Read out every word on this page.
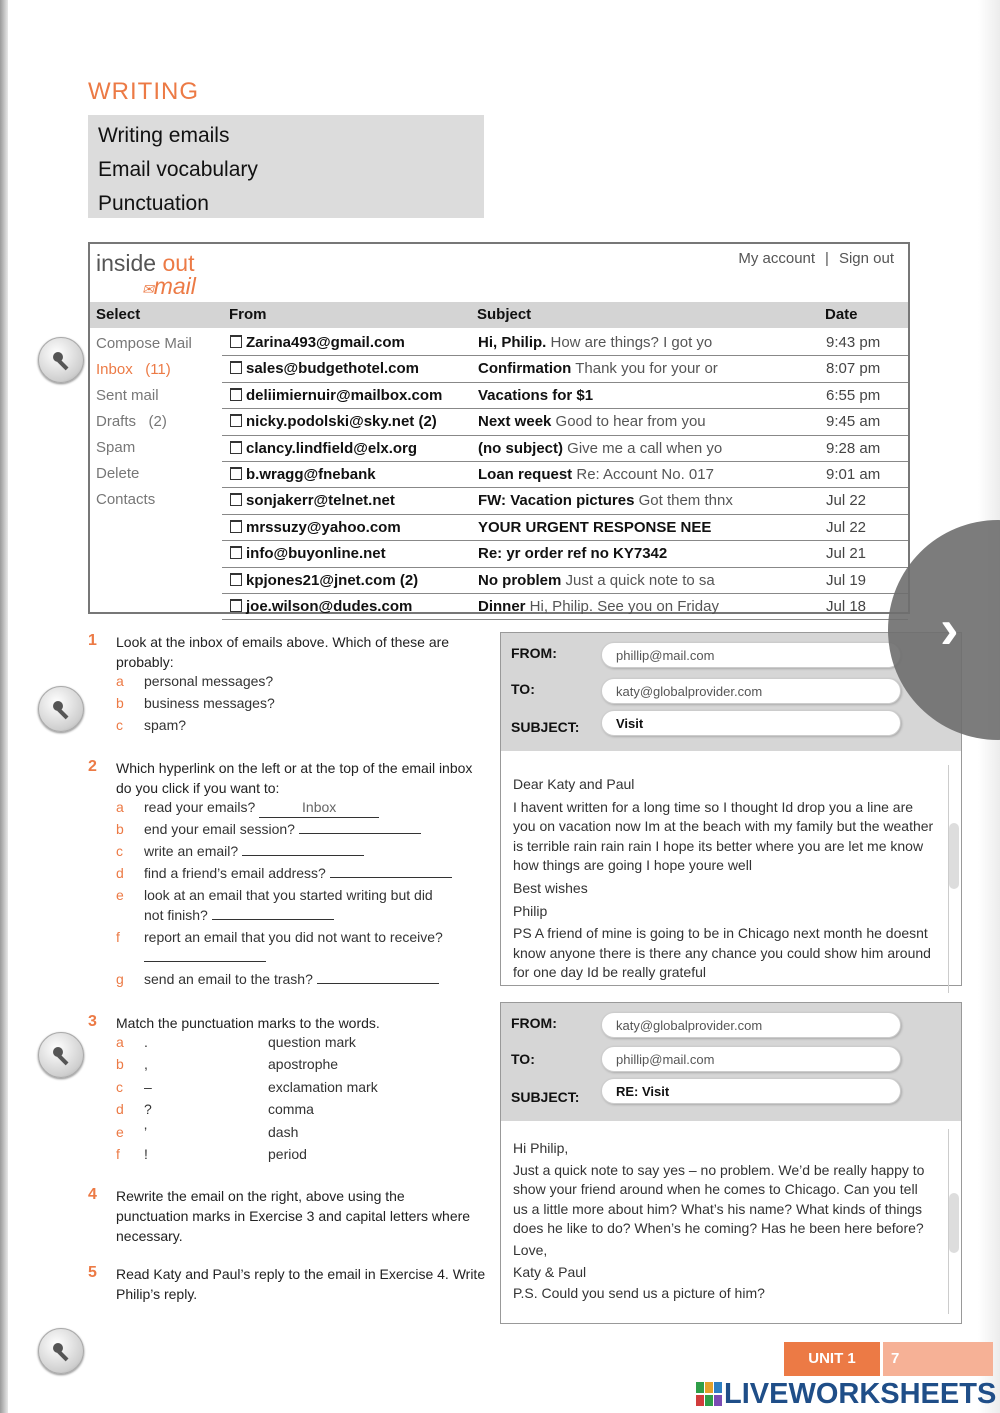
WRITING
Writing emails
Email vocabulary
Punctuation
inside out
✉mail
My account | Sign out
Select	From	Subject	Date
Compose Mail
Inbox   (11)
Sent mail
Drafts   (2)
Spam
Delete
Contacts
Zarina493@gmail.com	Hi, Philip. How are things? I got yo	9:43 pm
sales@budgethotel.com	Confirmation Thank you for your or	8:07 pm
deliimiernuir@mailbox.com Vacations for $1	6:55 pm
nicky.podolski@sky.net (2)	Next week Good to hear from you	9:45 am
clancy.lindfield@elx.org	(no subject) Give me a call when yo	9:28 am
b.wragg@fnebank	Loan request Re: Account No. 017	9:01 am
sonjakerr@telnet.net	FW: Vacation pictures Got them thnx	Jul 22
mrssuzy@yahoo.com	YOUR URGENT RESPONSE NEE	Jul 22
info@buyonline.net	Re: yr order ref no KY7342	Jul 21
kpjones21@jnet.com (2)	No problem Just a quick note to sa	Jul 19
joe.wilson@dudes.com	Dinner Hi, Philip. See you on Friday	Jul 18
1 Look at the inbox of emails above. Which of these are probably:
a personal messages?
b business messages?
c spam?
2 Which hyperlink on the left or at the top of the email inbox do you click if you want to:
a read your emails?	Inbox
b end your email session?
c write an email?
d find a friend’s email address?
e look at an email that you started writing but did
not finish?
f report an email that you did not want to receive?
g send an email to the trash?
3 Match the punctuation marks to the words.
a .	question mark
b ,	apostrophe
c –	exclamation mark
d ?	comma
e ’	dash
f !	period
4 Rewrite the email on the right, above using the punctuation marks in Exercise 3 and capital letters where necessary.
5 Read Katy and Paul’s reply to the email in Exercise 4. Write Philip’s reply.
FROM:	phillip@mail.com
TO:	katy@globalprovider.com
SUBJECT:	Visit
Dear Katy and Paul
I havent written for a long time so I thought Id drop you a line are you on vacation now Im at the beach with my family but the weather is terrible rain rain rain I hope its better where you are let me know how things are going I hope youre well
Best wishes
Philip
PS A friend of mine is going to be in Chicago next month he doesnt know anyone there is there any chance you could show him around for one day Id be really grateful
FROM:	katy@globalprovider.com
TO:	phillip@mail.com
SUBJECT:	RE: Visit
Hi Philip,
Just a quick note to say yes – no problem. We’d be really happy to show your friend around when he comes to Chicago. Can you tell us a little more about him? What’s his name? What kinds of things does he like to do? When’s he coming? Has he been here before?
Love,
Katy & Paul
P.S. Could you send us a picture of him?
›
UNIT 1	7
LIVEWORKSHEETS
